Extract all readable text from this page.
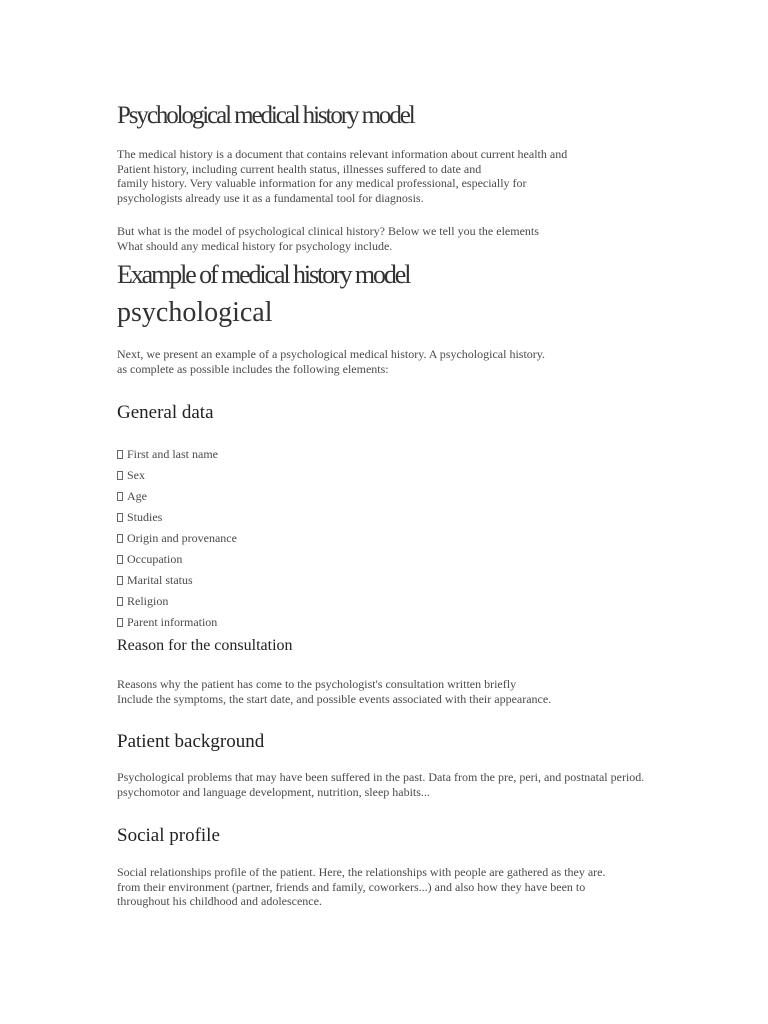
Psychological medical history model
The medical history is a document that contains relevant information about current health and
Patient history, including current health status, illnesses suffered to date and
family history. Very valuable information for any medical professional, especially for
psychologists already use it as a fundamental tool for diagnosis.
But what is the model of psychological clinical history? Below we tell you the elements
What should any medical history for psychology include.
Example of medical history model
psychological
Next, we present an example of a psychological medical history. A psychological history.
as complete as possible includes the following elements:
General data
First and last name
Sex
Age
Studies
Origin and provenance
Occupation
Marital status
Religion
Parent information
Reason for the consultation
Reasons why the patient has come to the psychologist's consultation written briefly
Include the symptoms, the start date, and possible events associated with their appearance.
Patient background
Psychological problems that may have been suffered in the past. Data from the pre, peri, and postnatal period.
psychomotor and language development, nutrition, sleep habits...
Social profile
Social relationships profile of the patient. Here, the relationships with people are gathered as they are.
from their environment (partner, friends and family, coworkers...) and also how they have been to
throughout his childhood and adolescence.
